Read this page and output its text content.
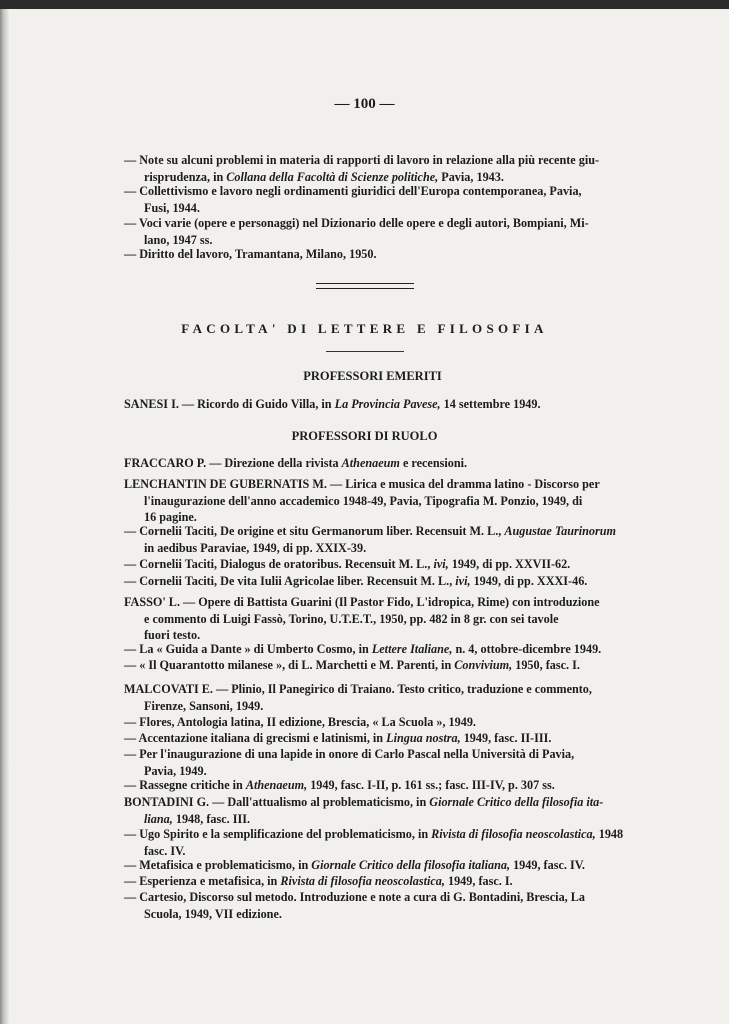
— 100 —
— Note su alcuni problemi in materia di rapporti di lavoro in relazione alla più recente giu-
risprudenza, in Collana della Facoltà di Scienze politiche, Pavia, 1943.
— Collettivismo e lavoro negli ordinamenti giuridici dell'Europa contemporanea, Pavia,
Fusi, 1944.
— Voci varie (opere e personaggi) nel Dizionario delle opere e degli autori, Bompiani, Mi-
lano, 1947 ss.
— Diritto del lavoro, Tramantana, Milano, 1950.
FACOLTA' DI LETTERE E FILOSOFIA
PROFESSORI EMERITI
SANESI I. — Ricordo di Guido Villa, in La Provincia Pavese, 14 settembre 1949.
PROFESSORI DI RUOLO
FRACCARO P. — Direzione della rivista Athenaeum e recensioni.
LENCHANTIN DE GUBERNATIS M. — Lirica e musica del dramma latino - Discorso per

l'inaugurazione dell'anno accademico 1948-49, Pavia, Tipografia M. Ponzio, 1949, di
16 pagine.
— Cornelii Taciti, De origine et situ Germanorum liber. Recensuit M. L., Augustae Taurinorum
in aedibus Paraviae, 1949, di pp. XXIX-39.
— Cornelii Taciti, Dialogus de oratoribus. Recensuit M. L., ivi, 1949, di pp. XXVII-62.
— Cornelii Taciti, De vita Iulii Agricolae liber. Recensuit M. L., ivi, 1949, di pp. XXXI-46.
FASSO' L. — Opere di Battista Guarini (Il Pastor Fido, L'idropica, Rime) con introduzione

e commento di Luigi Fassò, Torino, U.T.E.T., 1950, pp. 482 in 8 gr. con sei tavole
fuori testo.
— La « Guida a Dante » di Umberto Cosmo, in Lettere Italiane, n. 4, ottobre-dicembre 1949.
— « Il Quarantotto milanese », di L. Marchetti e M. Parenti, in Convivium, 1950, fasc. I.
MALCOVATI E. — Plinio, Il Panegirico di Traiano. Testo critico, traduzione e commento,

Firenze, Sansoni, 1949.
— Flores, Antologia latina, II edizione, Brescia, « La Scuola », 1949.
— Accentazione italiana di grecismi e latinismi, in Lingua nostra, 1949, fasc. II-III.
— Per l'inaugurazione di una lapide in onore di Carlo Pascal nella Università di Pavia,
Pavia, 1949.
— Rassegne critiche in Athenaeum, 1949, fasc. I-II, p. 161 ss.; fasc. III-IV, p. 307 ss.
BONTADINI G. — Dall'attualismo al problematicismo, in Giornale Critico della filosofia ita-

liana, 1948, fasc. III.
— Ugo Spirito e la semplificazione del problematicismo, in Rivista di filosofia neoscolastica, 1948
fasc. IV.
— Metafisica e problematicismo, in Giornale Critico della filosofia italiana, 1949, fasc. IV.
— Esperienza e metafisica, in Rivista di filosofia neoscolastica, 1949, fasc. I.
— Cartesio, Discorso sul metodo. Introduzione e note a cura di G. Bontadini, Brescia, La
Scuola, 1949, VII edizione.
